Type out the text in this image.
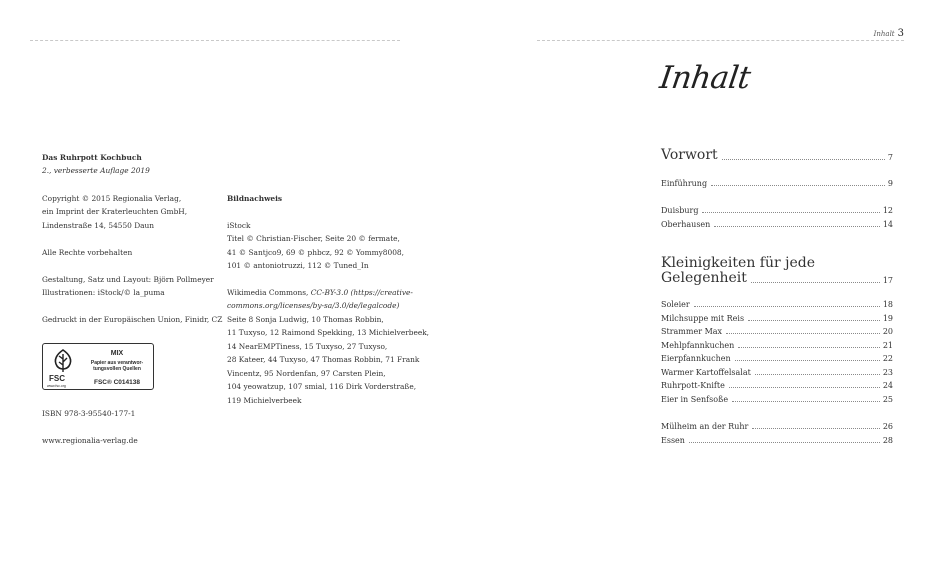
Inhalt 3
Das Ruhrpott Kochbuch
2., verbesserte Auflage 2019
Copyright © 2015 Regionalia Verlag,
ein Imprint der Kraterleuchten GmbH,
Lindenstraße 14, 54550 Daun
Alle Rechte vorbehalten
Gestaltung, Satz und Layout: Björn Pollmeyer
Illustrationen: iStock/© la_puma
Gedruckt in der Europäischen Union, Finidr, CZ
FSC
www.fsc.org
MIX
Papier aus verantwor-
tungsvollen Quellen
FSC® C014138
ISBN 978-3-95540-177-1
www.regionalia-verlag.de
Bildnachweis
iStock
Titel © Christian-Fischer, Seite 20 © fermate,
41 © Santjco9, 69 © phbcz, 92 © Yommy8008,
101 © antoniotruzzi, 112 © Tuned_In
Wikimedia Commons, CC-BY-3.0 (https://creative-
commons.org/licenses/by-sa/3.0/de/legalcode)
Seite 8 Sonja Ludwig, 10 Thomas Robbin,
11 Tuxyso, 12 Raimond Spekking, 13 Michielverbeek,
14 NearEMPTiness, 15 Tuxyso, 27 Tuxyso,
28 Kateer, 44 Tuxyso, 47 Thomas Robbin, 71 Frank
Vincentz, 95 Nordenfan, 97 Carsten Plein,
104 yeowatzup, 107 smial, 116 Dirk Vorderstraße,
119 Michielverbeek
Inhalt
Vorwort	7
Einführung	9
Duisburg	12
Oberhausen	14
Kleinigkeiten für jede
Gelegenheit	17
Soleier	18
Milchsuppe mit Reis	19
Strammer Max	20
Mehlpfannkuchen	21
Eierpfannkuchen	22
Warmer Kartoffelsalat	23
Ruhrpott-Knifte	24
Eier in Senfsoße	25
Mülheim an der Ruhr	26
Essen	28
